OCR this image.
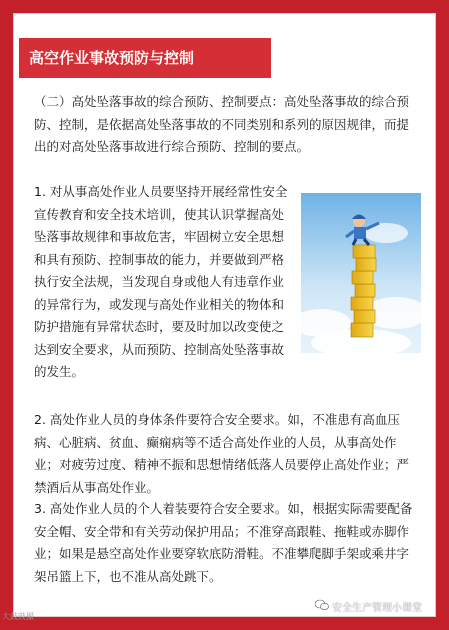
高空作业事故预防与控制

（二）高处坠落事故的综合预防、控制要点：高处坠落事故的综合预防、控制，是依据高处坠落事故的不同类别和系列的原因规律，而提出的对高处坠落事故进行综合预防、控制的要点。

1. 对从事高处作业人员要坚持开展经常性安全宣传教育和安全技术培训，使其认识掌握高处坠落事故规律和事故危害，牢固树立安全思想和具有预防、控制事故的能力，并要做到严格执行安全法规，当发现自身或他人有违章作业的异常行为，或发现与高处作业相关的物体和防护措施有异常状态时，要及时加以改变使之达到安全要求，从而预防、控制高处坠落事故的发生。

2. 高处作业人员的身体条件要符合安全要求。如，不准患有高血压病、心脏病、贫血、癫痫病等不适合高处作业的人员，从事高处作业；对疲劳过度、精神不振和思想情绪低落人员要停止高处作业；严禁酒后从事高处作业。

3. 高处作业人员的个人着装要符合安全要求。如，根据实际需要配备安全帽、安全带和有关劳动保护用品；不准穿高跟鞋、拖鞋或赤脚作业；如果是悬空高处作业要穿软底防滑鞋。不准攀爬脚手架或乘井字架吊篮上下，也不准从高处跳下。

大鼓鼓撮
安全生产管理小课堂
